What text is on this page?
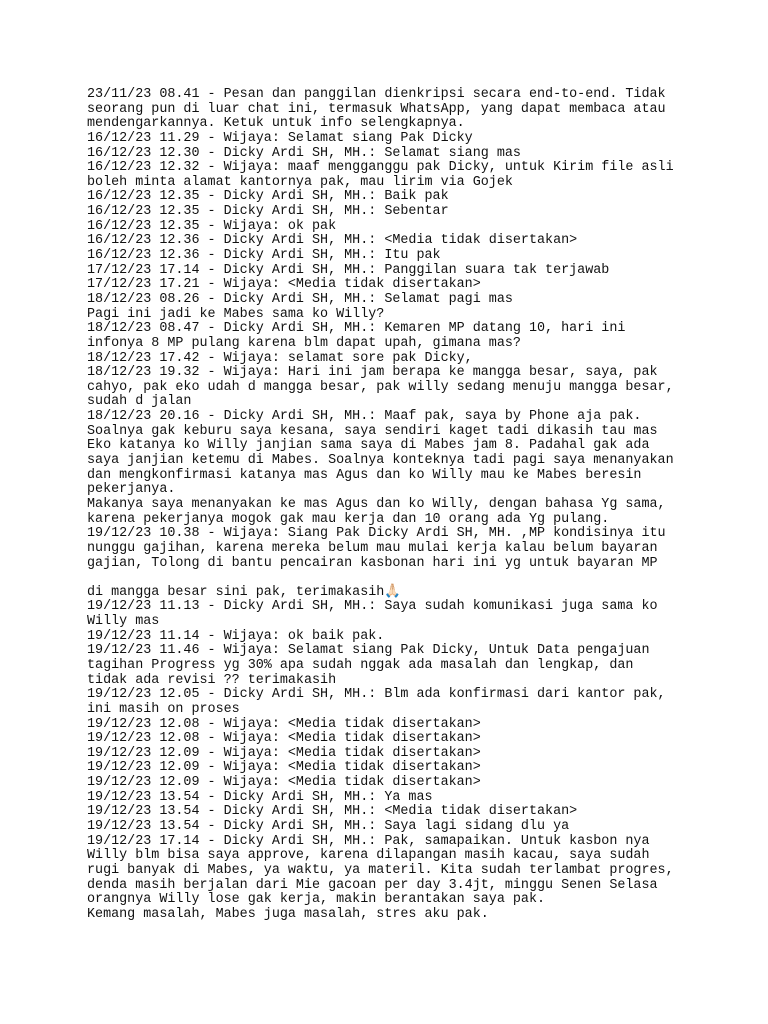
23/11/23 08.41 - Pesan dan panggilan dienkripsi secara end-to-end. Tidak
seorang pun di luar chat ini, termasuk WhatsApp, yang dapat membaca atau
mendengarkannya. Ketuk untuk info selengkapnya.
16/12/23 11.29 - Wijaya: Selamat siang Pak Dicky
16/12/23 12.30 - Dicky Ardi SH, MH.: Selamat siang mas
16/12/23 12.32 - Wijaya: maaf mengganggu pak Dicky, untuk Kirim file asli
boleh minta alamat kantornya pak, mau lirim via Gojek
16/12/23 12.35 - Dicky Ardi SH, MH.: Baik pak
16/12/23 12.35 - Dicky Ardi SH, MH.: Sebentar
16/12/23 12.35 - Wijaya: ok pak
16/12/23 12.36 - Dicky Ardi SH, MH.: <Media tidak disertakan>
16/12/23 12.36 - Dicky Ardi SH, MH.: Itu pak
17/12/23 17.14 - Dicky Ardi SH, MH.: Panggilan suara tak terjawab
17/12/23 17.21 - Wijaya: <Media tidak disertakan>
18/12/23 08.26 - Dicky Ardi SH, MH.: Selamat pagi mas
Pagi ini jadi ke Mabes sama ko Willy?
18/12/23 08.47 - Dicky Ardi SH, MH.: Kemaren MP datang 10, hari ini
infonya 8 MP pulang karena blm dapat upah, gimana mas?
18/12/23 17.42 - Wijaya: selamat sore pak Dicky,
18/12/23 19.32 - Wijaya: Hari ini jam berapa ke mangga besar, saya, pak
cahyo, pak eko udah d mangga besar, pak willy sedang menuju mangga besar,
sudah d jalan
18/12/23 20.16 - Dicky Ardi SH, MH.: Maaf pak, saya by Phone aja pak.
Soalnya gak keburu saya kesana, saya sendiri kaget tadi dikasih tau mas
Eko katanya ko Willy janjian sama saya di Mabes jam 8. Padahal gak ada
saya janjian ketemu di Mabes. Soalnya konteknya tadi pagi saya menanyakan
dan mengkonfirmasi katanya mas Agus dan ko Willy mau ke Mabes beresin
pekerjanya.
Makanya saya menanyakan ke mas Agus dan ko Willy, dengan bahasa Yg sama,
karena pekerjanya mogok gak mau kerja dan 10 orang ada Yg pulang.
19/12/23 10.38 - Wijaya: Siang Pak Dicky Ardi SH, MH. ,MP kondisinya itu
nunggu gajihan, karena mereka belum mau mulai kerja kalau belum bayaran
gajian, Tolong di bantu pencairan kasbonan hari ini yg untuk bayaran MP
di mangga besar sini pak, terimakasih🙏🏻
19/12/23 11.13 - Dicky Ardi SH, MH.: Saya sudah komunikasi juga sama ko
Willy mas
19/12/23 11.14 - Wijaya: ok baik pak.
19/12/23 11.46 - Wijaya: Selamat siang Pak Dicky, Untuk Data pengajuan
tagihan Progress yg 30% apa sudah nggak ada masalah dan lengkap, dan
tidak ada revisi ?? terimakasih
19/12/23 12.05 - Dicky Ardi SH, MH.: Blm ada konfirmasi dari kantor pak,
ini masih on proses
19/12/23 12.08 - Wijaya: <Media tidak disertakan>
19/12/23 12.08 - Wijaya: <Media tidak disertakan>
19/12/23 12.09 - Wijaya: <Media tidak disertakan>
19/12/23 12.09 - Wijaya: <Media tidak disertakan>
19/12/23 12.09 - Wijaya: <Media tidak disertakan>
19/12/23 13.54 - Dicky Ardi SH, MH.: Ya mas
19/12/23 13.54 - Dicky Ardi SH, MH.: <Media tidak disertakan>
19/12/23 13.54 - Dicky Ardi SH, MH.: Saya lagi sidang dlu ya
19/12/23 17.14 - Dicky Ardi SH, MH.: Pak, samapaikan. Untuk kasbon nya
Willy blm bisa saya approve, karena dilapangan masih kacau, saya sudah
rugi banyak di Mabes, ya waktu, ya materil. Kita sudah terlambat progres,
denda masih berjalan dari Mie gacoan per day 3.4jt, minggu Senen Selasa
orangnya Willy lose gak kerja, makin berantakan saya pak.
Kemang masalah, Mabes juga masalah, stres aku pak.
